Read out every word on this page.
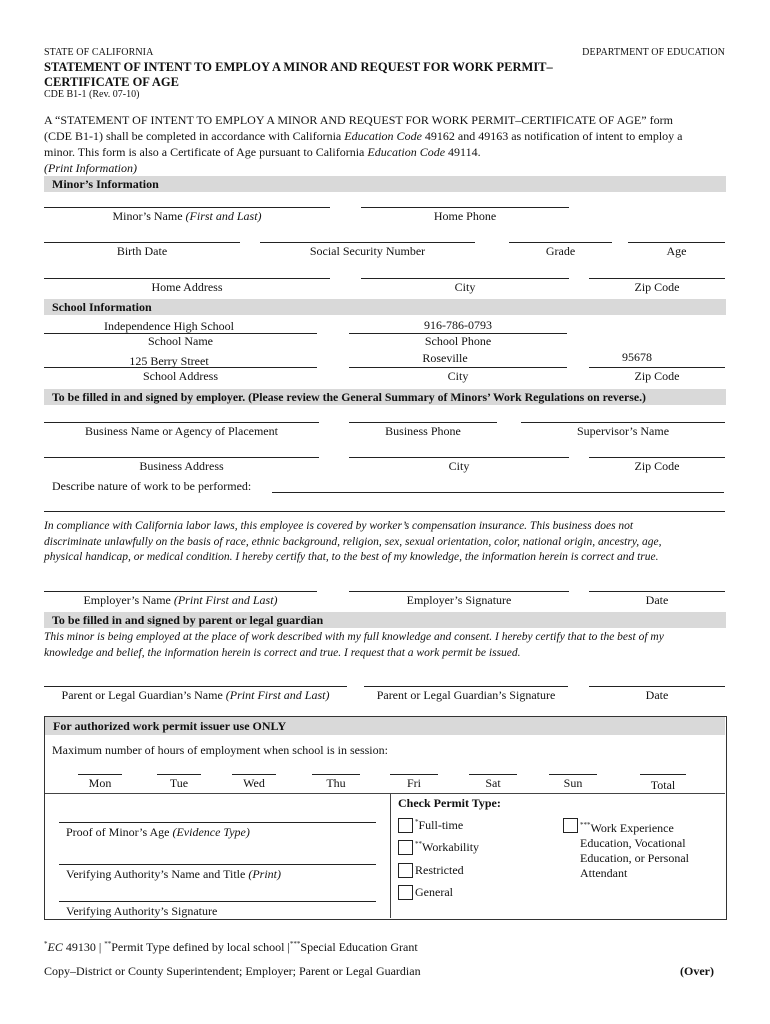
STATE OF CALIFORNIA	DEPARTMENT OF EDUCATION
STATEMENT OF INTENT TO EMPLOY A MINOR AND REQUEST FOR WORK PERMIT–
CERTIFICATE OF AGE
CDE B1-1 (Rev. 07-10)
A “STATEMENT OF INTENT TO EMPLOY A MINOR AND REQUEST FOR WORK PERMIT–CERTIFICATE OF AGE” form
(CDE B1-1) shall be completed in accordance with California Education Code 49162 and 49163 as notification of intent to employ a
minor. This form is also a Certificate of Age pursuant to California Education Code 49114.
(Print Information)
Minor’s Information
Minor’s Name (First and Last)	Home Phone
Birth Date	Social Security Number	Grade	Age
Home Address	City	Zip Code
School Information
Independence High School	916-786-0793
School Name	School Phone
125 Berry Street	Roseville	95678
School Address	City	Zip Code
To be filled in and signed by employer. (Please review the General Summary of Minors’ Work Regulations on reverse.)
Business Name or Agency of Placement	Business Phone	Supervisor’s Name
Business Address	City	Zip Code
Describe nature of work to be performed:
In compliance with California labor laws, this employee is covered by worker’s compensation insurance. This business does not
discriminate unlawfully on the basis of race, ethnic background, religion, sex, sexual orientation, color, national origin, ancestry, age,
physical handicap, or medical condition. I hereby certify that, to the best of my knowledge, the information herein is correct and true.
Employer’s Name (Print First and Last)	Employer’s Signature	Date
To be filled in and signed by parent or legal guardian
This minor is being employed at the place of work described with my full knowledge and consent. I hereby certify that to the best of my
knowledge and belief, the information herein is correct and true. I request that a work permit be issued.
Parent or Legal Guardian’s Name (Print First and Last)	Parent or Legal Guardian’s Signature	Date
For authorized work permit issuer use ONLY
Maximum number of hours of employment when school is in session:
Mon	Tue	Wed	Thu	Fri	Sat	Sun	Total
Proof of Minor’s Age (Evidence Type)
Verifying Authority’s Name and Title (Print)
Verifying Authority’s Signature
Check Permit Type:
*Full-time
**Workability
Restricted
General
***Work Experience
Education, Vocational
Education, or Personal
Attendant
*EC 49130 | **Permit Type defined by local school |***Special Education Grant
Copy–District or County Superintendent; Employer; Parent or Legal Guardian	(Over)
